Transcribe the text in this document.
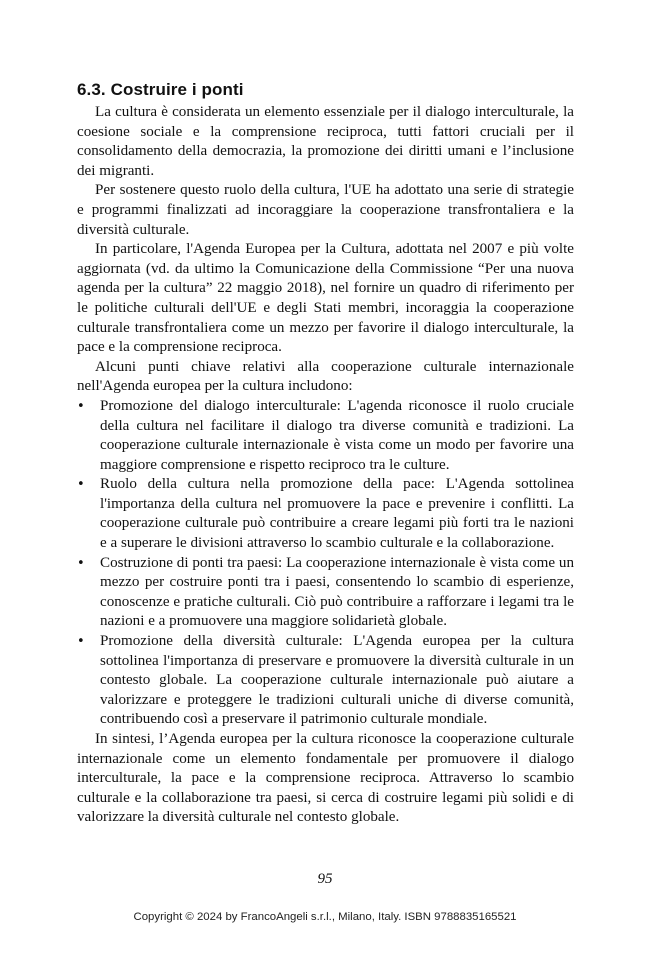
6.3. Costruire i ponti

La cultura è considerata un elemento essenziale per il dialogo interculturale, la coesione sociale e la comprensione reciproca, tutti fattori cruciali per il consolidamento della democrazia, la promozione dei diritti umani e l’inclusione dei migranti.

Per sostenere questo ruolo della cultura, l'UE ha adottato una serie di strategie e programmi finalizzati ad incoraggiare la cooperazione transfrontaliera e la diversità culturale.

In particolare, l'Agenda Europea per la Cultura, adottata nel 2007 e più volte aggiornata (vd. da ultimo la Comunicazione della Commissione “Per una nuova agenda per la cultura” 22 maggio 2018), nel fornire un quadro di riferimento per le politiche culturali dell'UE e degli Stati membri, incoraggia la cooperazione culturale transfrontaliera come un mezzo per favorire il dialogo interculturale, la pace e la comprensione reciproca.

Alcuni punti chiave relativi alla cooperazione culturale internazionale nell'Agenda europea per la cultura includono:

• Promozione del dialogo interculturale: L'agenda riconosce il ruolo cruciale della cultura nel facilitare il dialogo tra diverse comunità e tradizioni. La cooperazione culturale internazionale è vista come un modo per favorire una maggiore comprensione e rispetto reciproco tra le culture.
• Ruolo della cultura nella promozione della pace: L'Agenda sottolinea l'importanza della cultura nel promuovere la pace e prevenire i conflitti. La cooperazione culturale può contribuire a creare legami più forti tra le nazioni e a superare le divisioni attraverso lo scambio culturale e la collaborazione.
• Costruzione di ponti tra paesi: La cooperazione internazionale è vista come un mezzo per costruire ponti tra i paesi, consentendo lo scambio di esperienze, conoscenze e pratiche culturali. Ciò può contribuire a rafforzare i legami tra le nazioni e a promuovere una maggiore solidarietà globale.
• Promozione della diversità culturale: L'Agenda europea per la cultura sottolinea l'importanza di preservare e promuovere la diversità culturale in un contesto globale. La cooperazione culturale internazionale può aiutare a valorizzare e proteggere le tradizioni culturali uniche di diverse comunità, contribuendo così a preservare il patrimonio culturale mondiale.

In sintesi, l’Agenda europea per la cultura riconosce la cooperazione culturale internazionale come un elemento fondamentale per promuovere il dialogo interculturale, la pace e la comprensione reciproca. Attraverso lo scambio culturale e la collaborazione tra paesi, si cerca di costruire legami più solidi e di valorizzare la diversità culturale nel contesto globale.

95
Copyright © 2024 by FrancoAngeli s.r.l., Milano, Italy. ISBN 9788835165521
